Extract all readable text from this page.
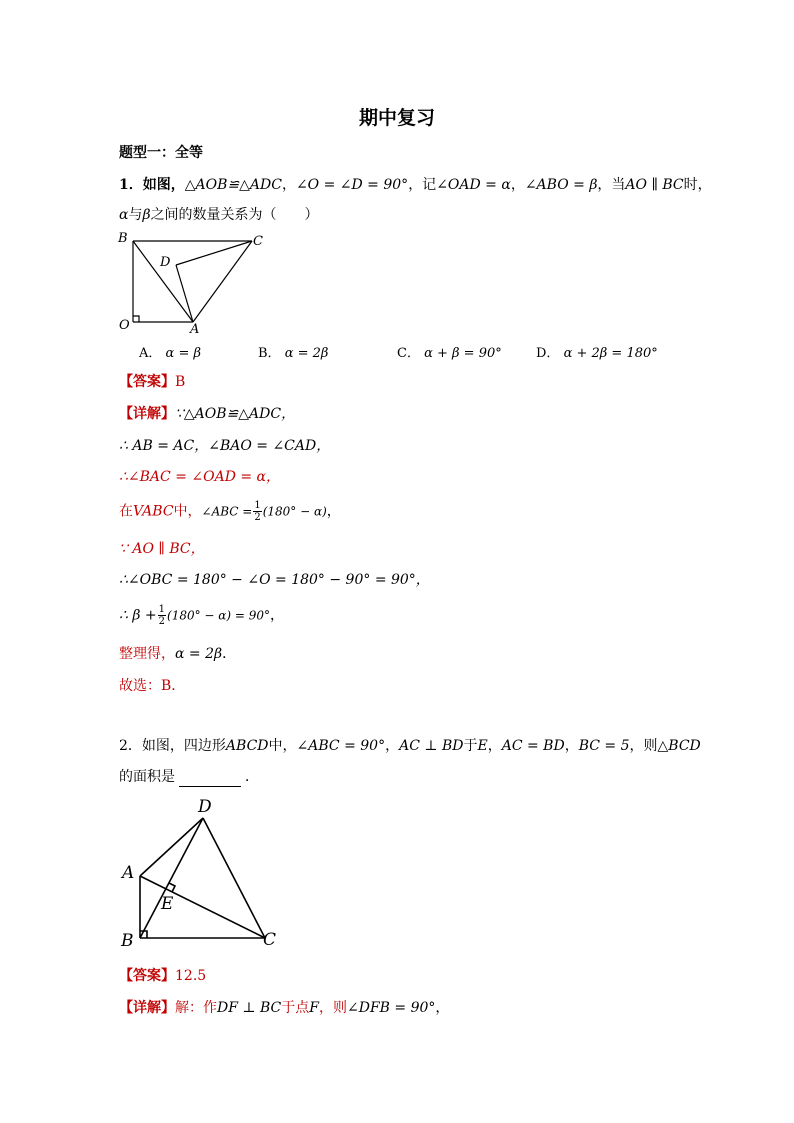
期中复习
题型一：全等
1．如图，△AOB≌△ADC，∠O = ∠D = 90°，记∠OAD = α，∠ABO = β，当AO ∥ BC时，
α与β之间的数量关系为（　　）
B	C
D
O	A
A． α = β	B． α = 2β	C． α + β = 90°	D． α + 2β = 180°
【答案】B
【详解】∵△AOB≌△ADC，
∴ AB = AC，∠BAO = ∠CAD，
∴∠BAC = ∠OAD = α，
在VABC中，∠ABC = $\frac{1}{2} (180^\circ - \alpha)$，
∵ AO ∥ BC，
∴∠OBC = 180° − ∠O = 180° − 90° = 90°，
∴ $\beta + \frac{1}{2} (180^\circ - \alpha) = 90^\circ$，
整理得，α = 2β．
故选：B．
2．如图，四边形ABCD中，∠ABC = 90°，AC ⊥ BD于E，AC = BD，BC = 5，则△BCD
的面积是	．
D
A
E
B	C
【答案】12.5
【详解】解：作DF ⊥ BC于点F，则∠DFB = 90°，
